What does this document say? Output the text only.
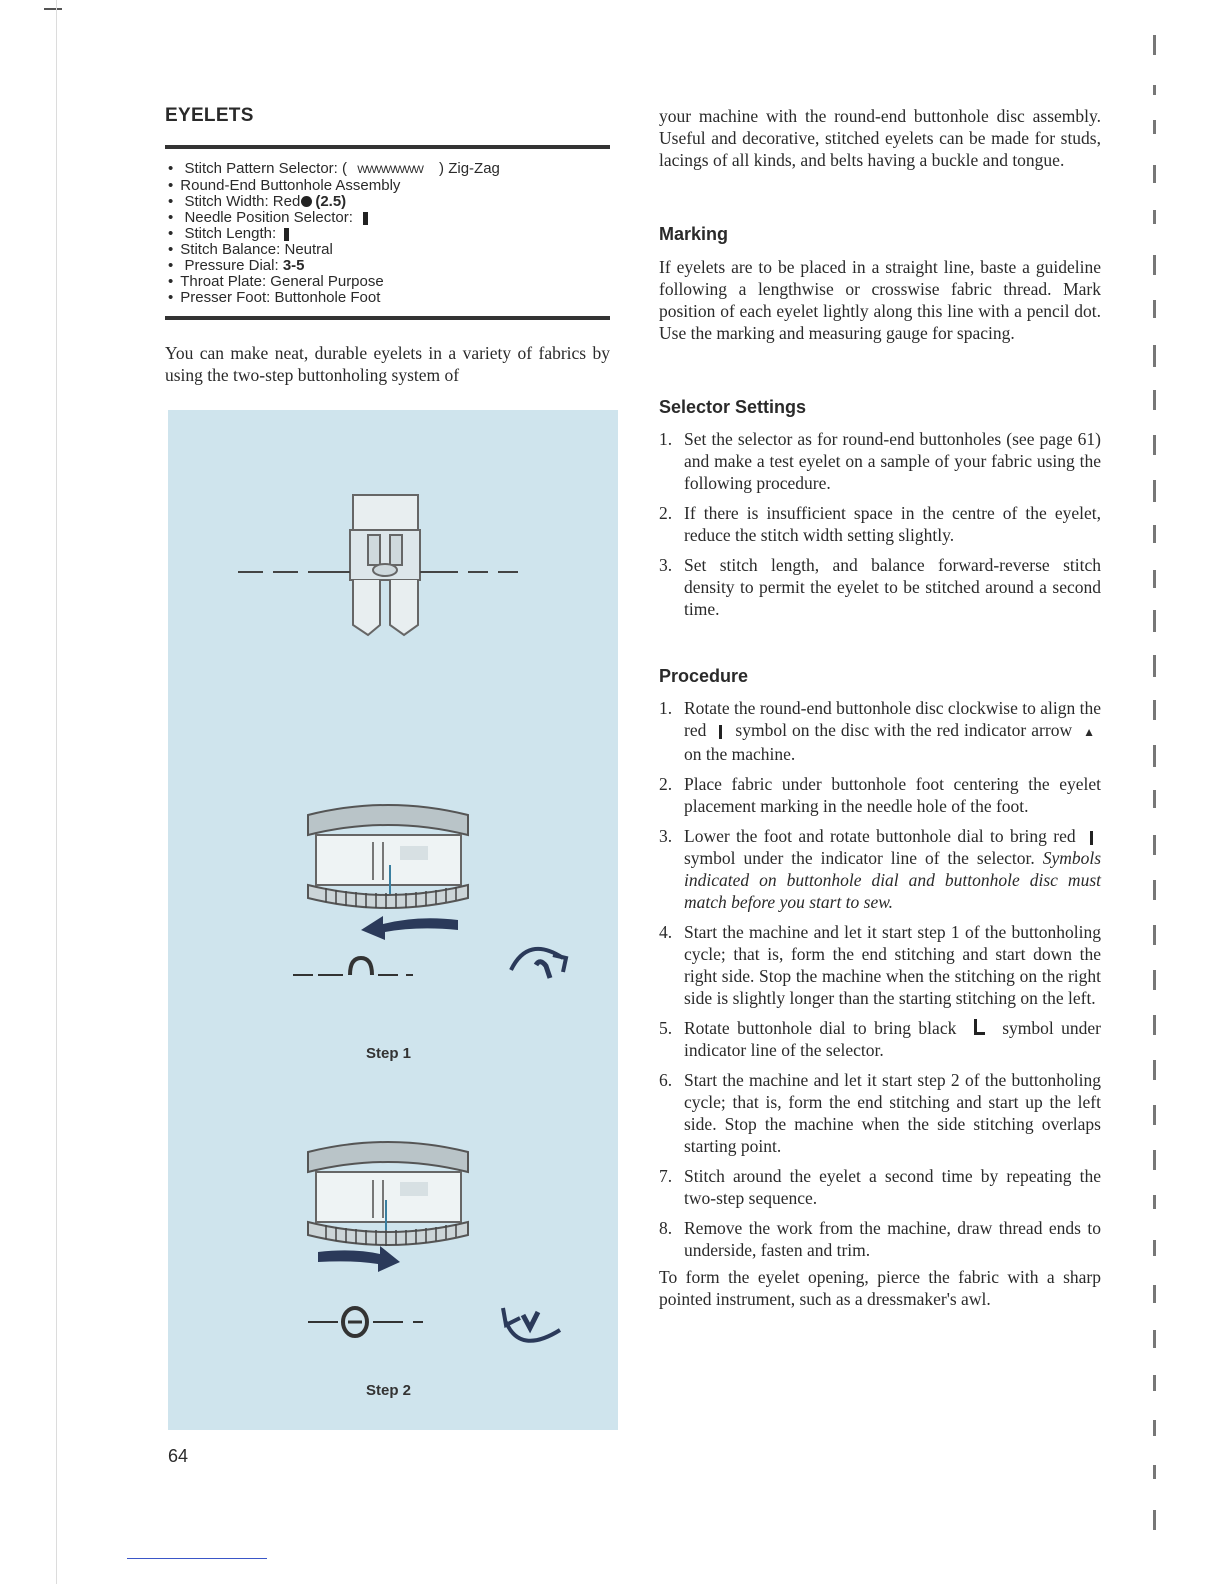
EYELETS
• Stitch Pattern Selector: ( WWWWWWW ) Zig-Zag
• Round-End Buttonhole Assembly
• Stitch Width: Red (2.5)
• Needle Position Selector:
• Stitch Length:
• Stitch Balance: Neutral
• Pressure Dial: 3-5
• Throat Plate: General Purpose
• Presser Foot: Buttonhole Foot

You can make neat, durable eyelets in a variety of fabrics by using the two-step buttonholing system of

Step 1
Step 2

your machine with the round-end buttonhole disc assembly. Useful and decorative, stitched eyelets can be made for studs, lacings of all kinds, and belts having a buckle and tongue.

Marking

If eyelets are to be placed in a straight line, baste a guideline following a lengthwise or crosswise fabric thread. Mark position of each eyelet lightly along this line with a pencil dot. Use the marking and measuring gauge for spacing.

Selector Settings
1. Set the selector as for round-end buttonholes (see page 61) and make a test eyelet on a sample of your fabric using the following procedure.
2. If there is insufficient space in the centre of the eyelet, reduce the stitch width setting slightly.
3. Set stitch length, and balance forward-reverse stitch density to permit the eyelet to be stitched around a second time.
Procedure
1. Rotate the round-end buttonhole disc clockwise to align the red symbol on the disc with the red indicator arrow ▲ on the machine.
2. Place fabric under buttonhole foot centering the eyelet placement marking in the needle hole of the foot.
3. Lower the foot and rotate buttonhole dial to bring red  symbol under the indicator line of the selector. Symbols indicated on buttonhole dial and buttonhole disc must match before you start to sew.
4. Start the machine and let it start step 1 of the buttonholing cycle; that is, form the end stitching and start down the right side. Stop the machine when the stitching on the right side is slightly longer than the starting stitching on the left.
5. Rotate buttonhole dial to bring black	symbol under indicator line of the selector.
6. Start the machine and let it start step 2 of the buttonholing cycle; that is, form the end stitching and start up the left side. Stop the machine when the side stitching overlaps starting point.
7. Stitch around the eyelet a second time by repeating the two-step sequence.
8. Remove the work from the machine, draw thread ends to underside, fasten and trim.

To form the eyelet opening, pierce the fabric with a sharp pointed instrument, such as a dressmaker's awl.

64
